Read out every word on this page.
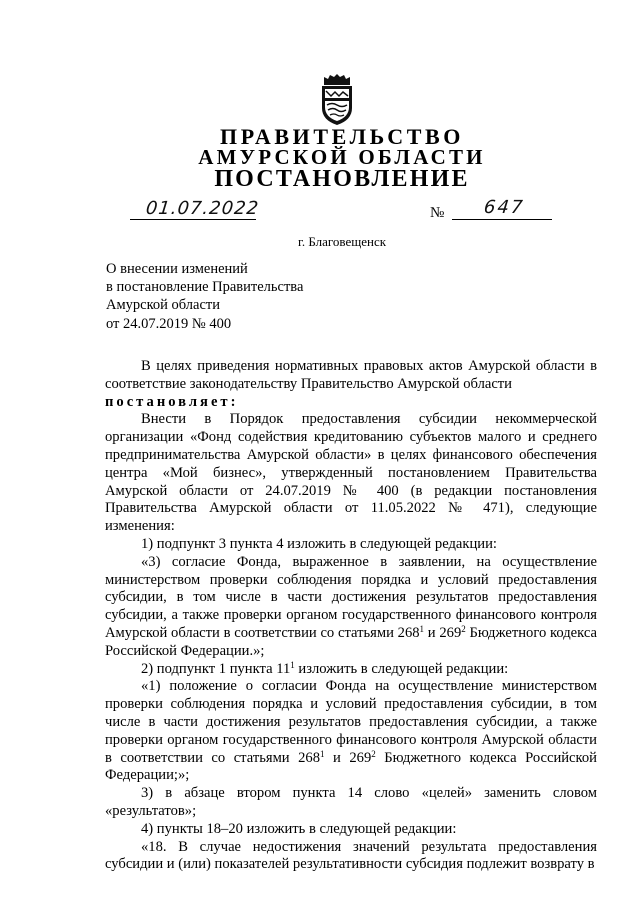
ПРАВИТЕЛЬСТВО
АМУРСКОЙ ОБЛАСТИ
ПОСТАНОВЛЕНИЕ
01.07.2022	№ 647
г. Благовещенск
О внесении изменений
в постановление Правительства
Амурской области
от 24.07.2019 № 400

В целях приведения нормативных правовых актов Амурской области в соответствие законодательству Правительство Амурской области

постановляет:

Внести в Порядок предоставления субсидии некоммерческой организации «Фонд содействия кредитованию субъектов малого и среднего предпринимательства Амурской области» в целях финансового обеспечения центра «Мой бизнес», утвержденный постановлением Правительства Амурской области от 24.07.2019 № 400 (в редакции постановления Правительства Амурской области от 11.05.2022 № 471), следующие изменения:

1) подпункт 3 пункта 4 изложить в следующей редакции:

«3) согласие Фонда, выраженное в заявлении, на осуществление министерством проверки соблюдения порядка и условий предоставления субсидии, в том числе в части достижения результатов предоставления субсидии, а также проверки органом государственного финансового контроля Амурской области в соответствии со статьями $268^1$ и $269^2$ Бюджетного кодекса Российской Федерации.»;

2) подпункт 1 пункта $11^1$ изложить в следующей редакции:

«1) положение о согласии Фонда на осуществление министерством проверки соблюдения порядка и условий предоставления субсидии, в том числе в части достижения результатов предоставления субсидии, а также проверки органом государственного финансового контроля Амурской области в соответствии со статьями $268^1$ и $269^2$ Бюджетного кодекса Российской Федерации;»;

3) в абзаце втором пункта 14 слово «целей» заменить словом «результатов»;

4) пункты 18–20 изложить в следующей редакции:

«18. В случае недостижения значений результата предоставления субсидии и (или) показателей результативности субсидия подлежит возврату в
